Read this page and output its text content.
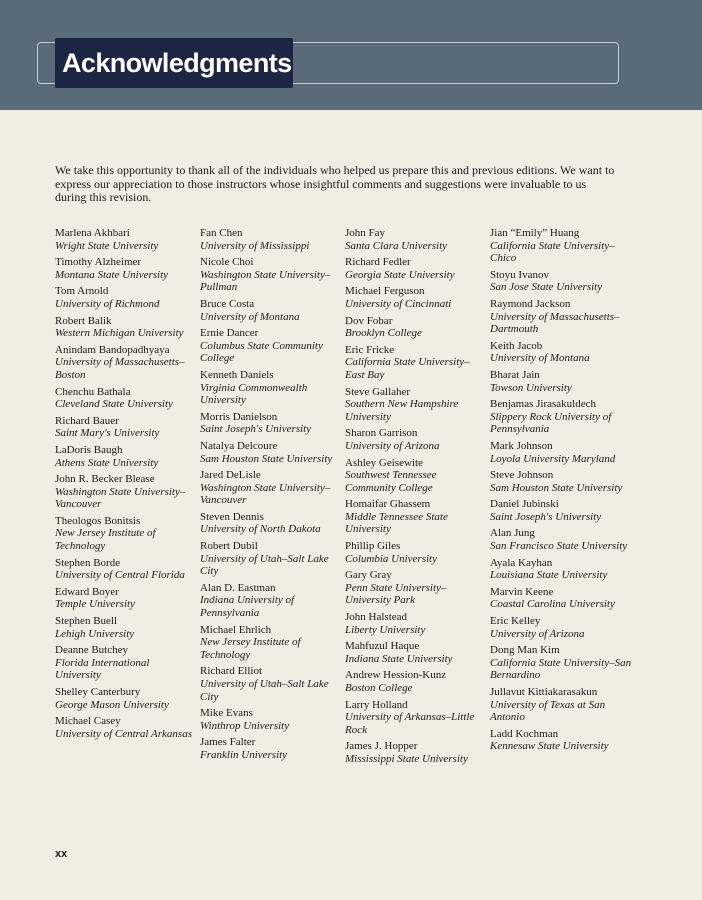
Acknowledgments

We take this opportunity to thank all of the individuals who helped us prepare this and previous editions. We want to express our appreciation to those instructors whose insightful comments and suggestions were invaluable to us during this revision.

Marlena Akhbari
Wright State University
Timothy Alzheimer
Montana State University
Tom Arnold
University of Richmond
Robert Balik
Western Michigan University
Anindam Bandopadhyaya
University of Massachusetts–Boston
Chenchu Bathala
Cleveland State University
Richard Bauer
Saint Mary's University
LaDoris Baugh
Athens State University
John R. Becker Blease
Washington State University–Vancouver
Theologos Bonitsis
New Jersey Institute of Technology
Stephen Borde
University of Central Florida
Edward Boyer
Temple University
Stephen Buell
Lehigh University
Deanne Butchey
Florida International University
Shelley Canterbury
George Mason University
Michael Casey
University of Central Arkansas
Fan Chen
University of Mississippi
Nicole Choi
Washington State University–Pullman
Bruce Costa
University of Montana
Ernie Dancer
Columbus State Community College
Kenneth Daniels
Virginia Commonwealth University
Morris Danielson
Saint Joseph's University
Natalya Delcoure
Sam Houston State University
Jared DeLisle
Washington State University–Vancouver
Steven Dennis
University of North Dakota
Robert Dubil
University of Utah–Salt Lake City
Alan D. Eastman
Indiana University of Pennsylvania
Michael Ehrlich
New Jersey Institute of Technology
Richard Elliot
University of Utah–Salt Lake City
Mike Evans
Winthrop University
James Falter
Franklin University
John Fay
Santa Clara University
Richard Fedler
Georgia State University
Michael Ferguson
University of Cincinnati
Dov Fobar
Brooklyn College
Eric Fricke
California State University–East Bay
Steve Gallaher
Southern New Hampshire University
Sharon Garrison
University of Arizona
Ashley Geisewite
Southwest Tennessee Community College
Homaifar Ghassem
Middle Tennessee State University
Phillip Giles
Columbia University
Gary Gray
Penn State University–University Park
John Halstead
Liberty University
Mahfuzul Haque
Indiana State University
Andrew Hession-Kunz
Boston College
Larry Holland
University of Arkansas–Little Rock
James J. Hopper
Mississippi State University
Jian “Emily” Huang
California State University–Chico
Stoyu Ivanov
San Jose State University
Raymond Jackson
University of Massachusetts–Dartmouth
Keith Jacob
University of Montana
Bharat Jain
Towson University
Benjamas Jirasakuldech
Slippery Rock University of Pennsylvania
Mark Johnson
Loyola University Maryland
Steve Johnson
Sam Houston State University
Daniel Jubinski
Saint Joseph's University
Alan Jung
San Francisco State University
Ayala Kayhan
Louisiana State University
Marvin Keene
Coastal Carolina University
Eric Kelley
University of Arizona
Dong Man Kim
California State University–San Bernardino
Jullavut Kittiakarasakun
University of Texas at San Antonio
Ladd Kochman
Kennesaw State University
xx
